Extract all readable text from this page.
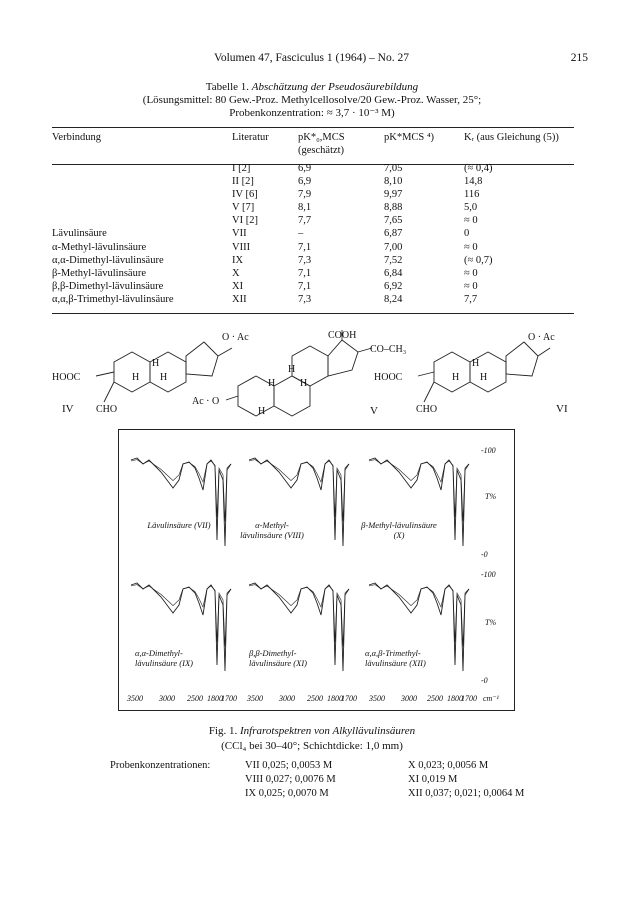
Volumen 47, Fasciculus 1 (1964) – No. 27	215
Tabelle 1. Abschätzung der Pseudosäurebildung
(Lösungsmittel: 80 Gew.-Proz. Methylcellosolve/20 Gew.-Proz. Wasser, 25°;
Probenkonzentration: ≈ 3,7 · 10⁻³ M)
Verbindung	Literatur	pK*₀,MCS (geschätzt)	pK*MCS ⁴)	Kᵣ (aus Gleichung (5))
	I [2]	6,9	7,05	(≈ 0,4)
	II [2]	6,9	8,10	14,8
	IV [6]	7,9	9,97	116
	V [7]	8,1	8,88	5,0
	VI [2]	7,7	7,65	≈ 0
Lävulinsäure	VII	–	6,87	0
α-Methyl-lävulinsäure	VIII	7,1	7,00	≈ 0
α,α-Dimethyl-lävulinsäure	IX	7,3	7,52	(≈ 0,7)
β-Methyl-lävulinsäure	X	7,1	6,84	≈ 0
β,β-Dimethyl-lävulinsäure	XI	7,1	6,92	≈ 0
α,α,β-Trimethyl-lävulinsäure	XII	7,3	8,24	7,7
O · Ac
HOOC
CHO
H
H H
IV
COOH
CO–CH₃
Ac · O
H
H H
H	V
O · Ac
HOOC
CHO
H
H H
VI
Lävulinsäure (VII)	α-Methyl-lävulinsäure (VIII)
β-Methyl-lävulinsäure (X)
α,α-Dimethyl-lävulinsäure (IX)
β,β-Dimethyl-lävulinsäure (XI)
α,α,β-Trimethyl-lävulinsäure (XII)
-100
T%
-0
-100
T%
-0
3500 3000 2500 1800
1700 3500 3000 2500 1800
1700 3500 3000 2500 1800
1700 cm⁻¹
Fig. 1. Infrarotspektren von Alkyllävulinsäuren
(CCl₄ bei 30–40°; Schichtdicke: 1,0 mm)
Probenkonzentrationen:	VII 0,025; 0,0053 M
VIII 0,027; 0,0076 M
IX 0,025; 0,0070 M
X 0,023; 0,0056 M
XI 0,019 M
XII 0,037; 0,021; 0,0064 M
